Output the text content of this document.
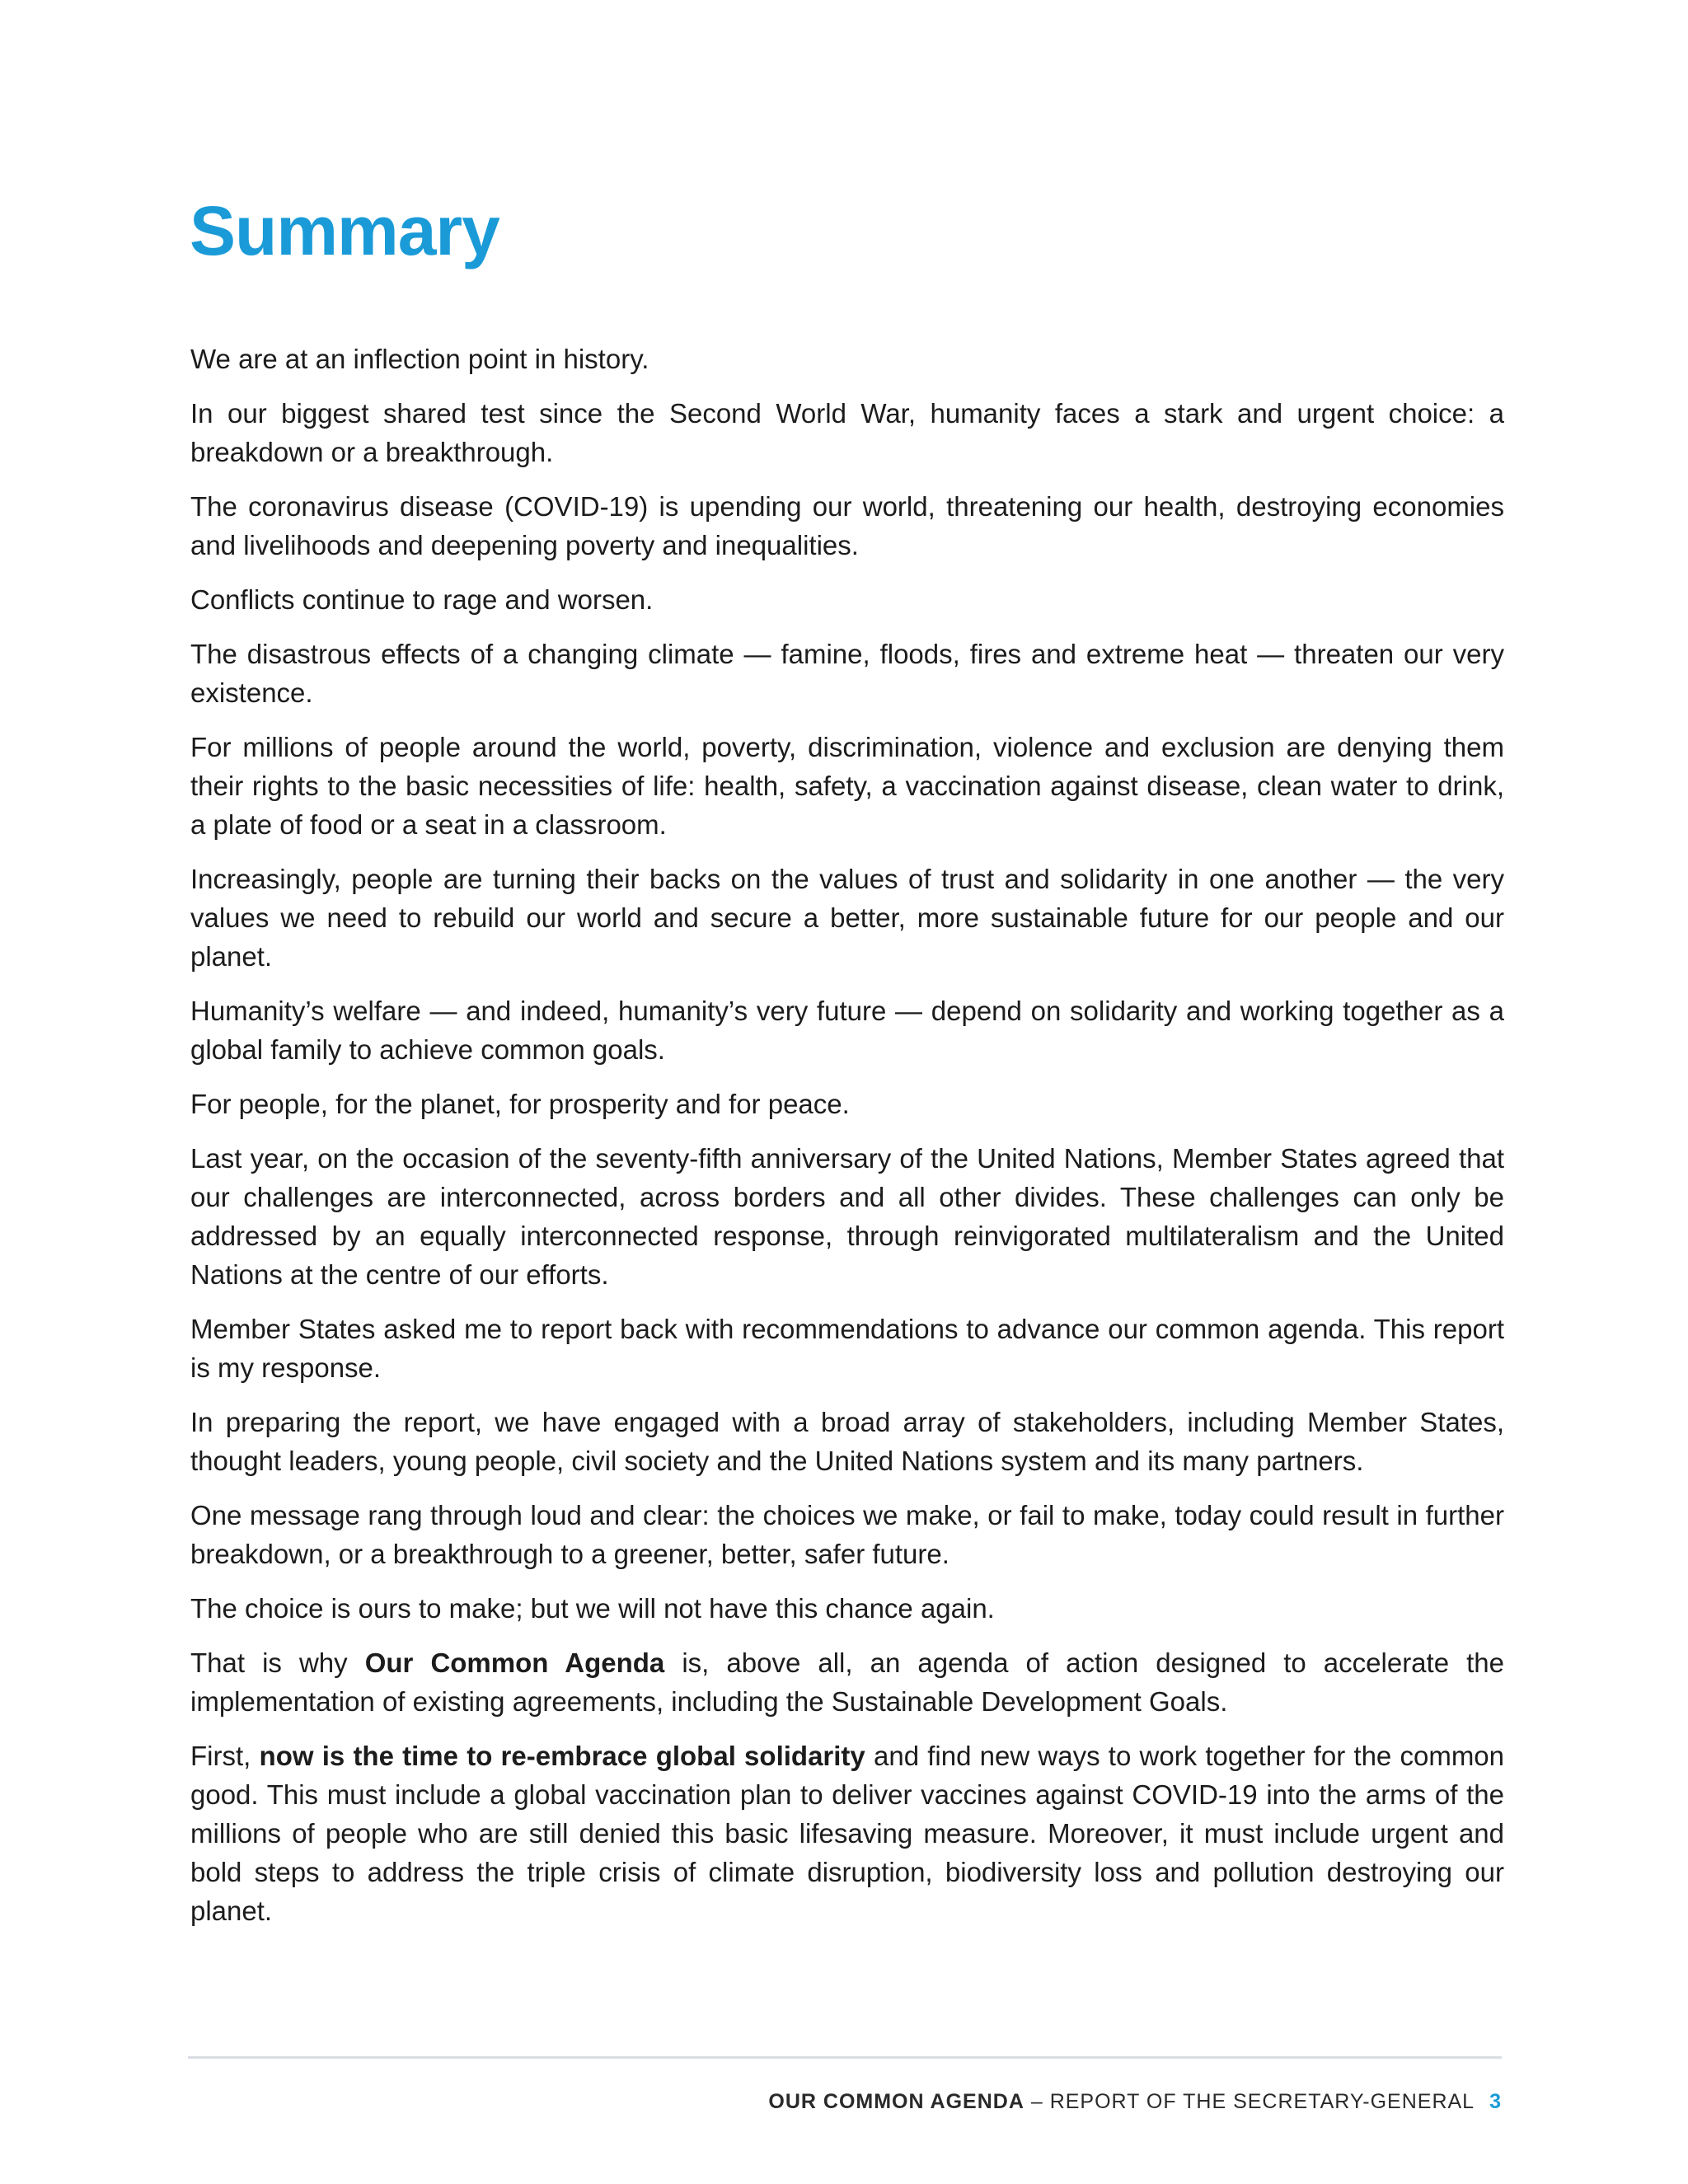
Summary

We are at an inflection point in history.

In our biggest shared test since the Second World War, humanity faces a stark and urgent choice: a breakdown or a breakthrough.

The coronavirus disease (COVID-19) is upending our world, threatening our health, destroying economies and livelihoods and deepening poverty and inequalities.

Conflicts continue to rage and worsen.

The disastrous effects of a changing climate — famine, floods, fires and extreme heat — threaten our very existence.

For millions of people around the world, poverty, discrimination, violence and exclusion are denying them their rights to the basic necessities of life: health, safety, a vaccination against disease, clean water to drink, a plate of food or a seat in a classroom.

Increasingly, people are turning their backs on the values of trust and solidarity in one another — the very values we need to rebuild our world and secure a better, more sustainable future for our people and our planet.

Humanity’s welfare — and indeed, humanity’s very future — depend on solidarity and working together as a global family to achieve common goals.

For people, for the planet, for prosperity and for peace.

Last year, on the occasion of the seventy-fifth anniversary of the United Nations, Member States agreed that our challenges are interconnected, across borders and all other divides. These challenges can only be addressed by an equally interconnected response, through reinvigorated multilateralism and the United Nations at the centre of our efforts.

Member States asked me to report back with recommendations to advance our common agenda. This report is my response.

In preparing the report, we have engaged with a broad array of stakeholders, including Member States, thought leaders, young people, civil society and the United Nations system and its many partners.

One message rang through loud and clear: the choices we make, or fail to make, today could result in further breakdown, or a breakthrough to a greener, better, safer future.

The choice is ours to make; but we will not have this chance again.

That is why Our Common Agenda is, above all, an agenda of action designed to accelerate the implementation of existing agreements, including the Sustainable Development Goals.

First, now is the time to re-embrace global solidarity and find new ways to work together for the common good. This must include a global vaccination plan to deliver vaccines against COVID-19 into the arms of the millions of people who are still denied this basic lifesaving measure. Moreover, it must include urgent and bold steps to address the triple crisis of climate disruption, biodiversity loss and pollution destroying our planet.

OUR COMMON AGENDA – REPORT OF THE SECRETARY-GENERAL 3
